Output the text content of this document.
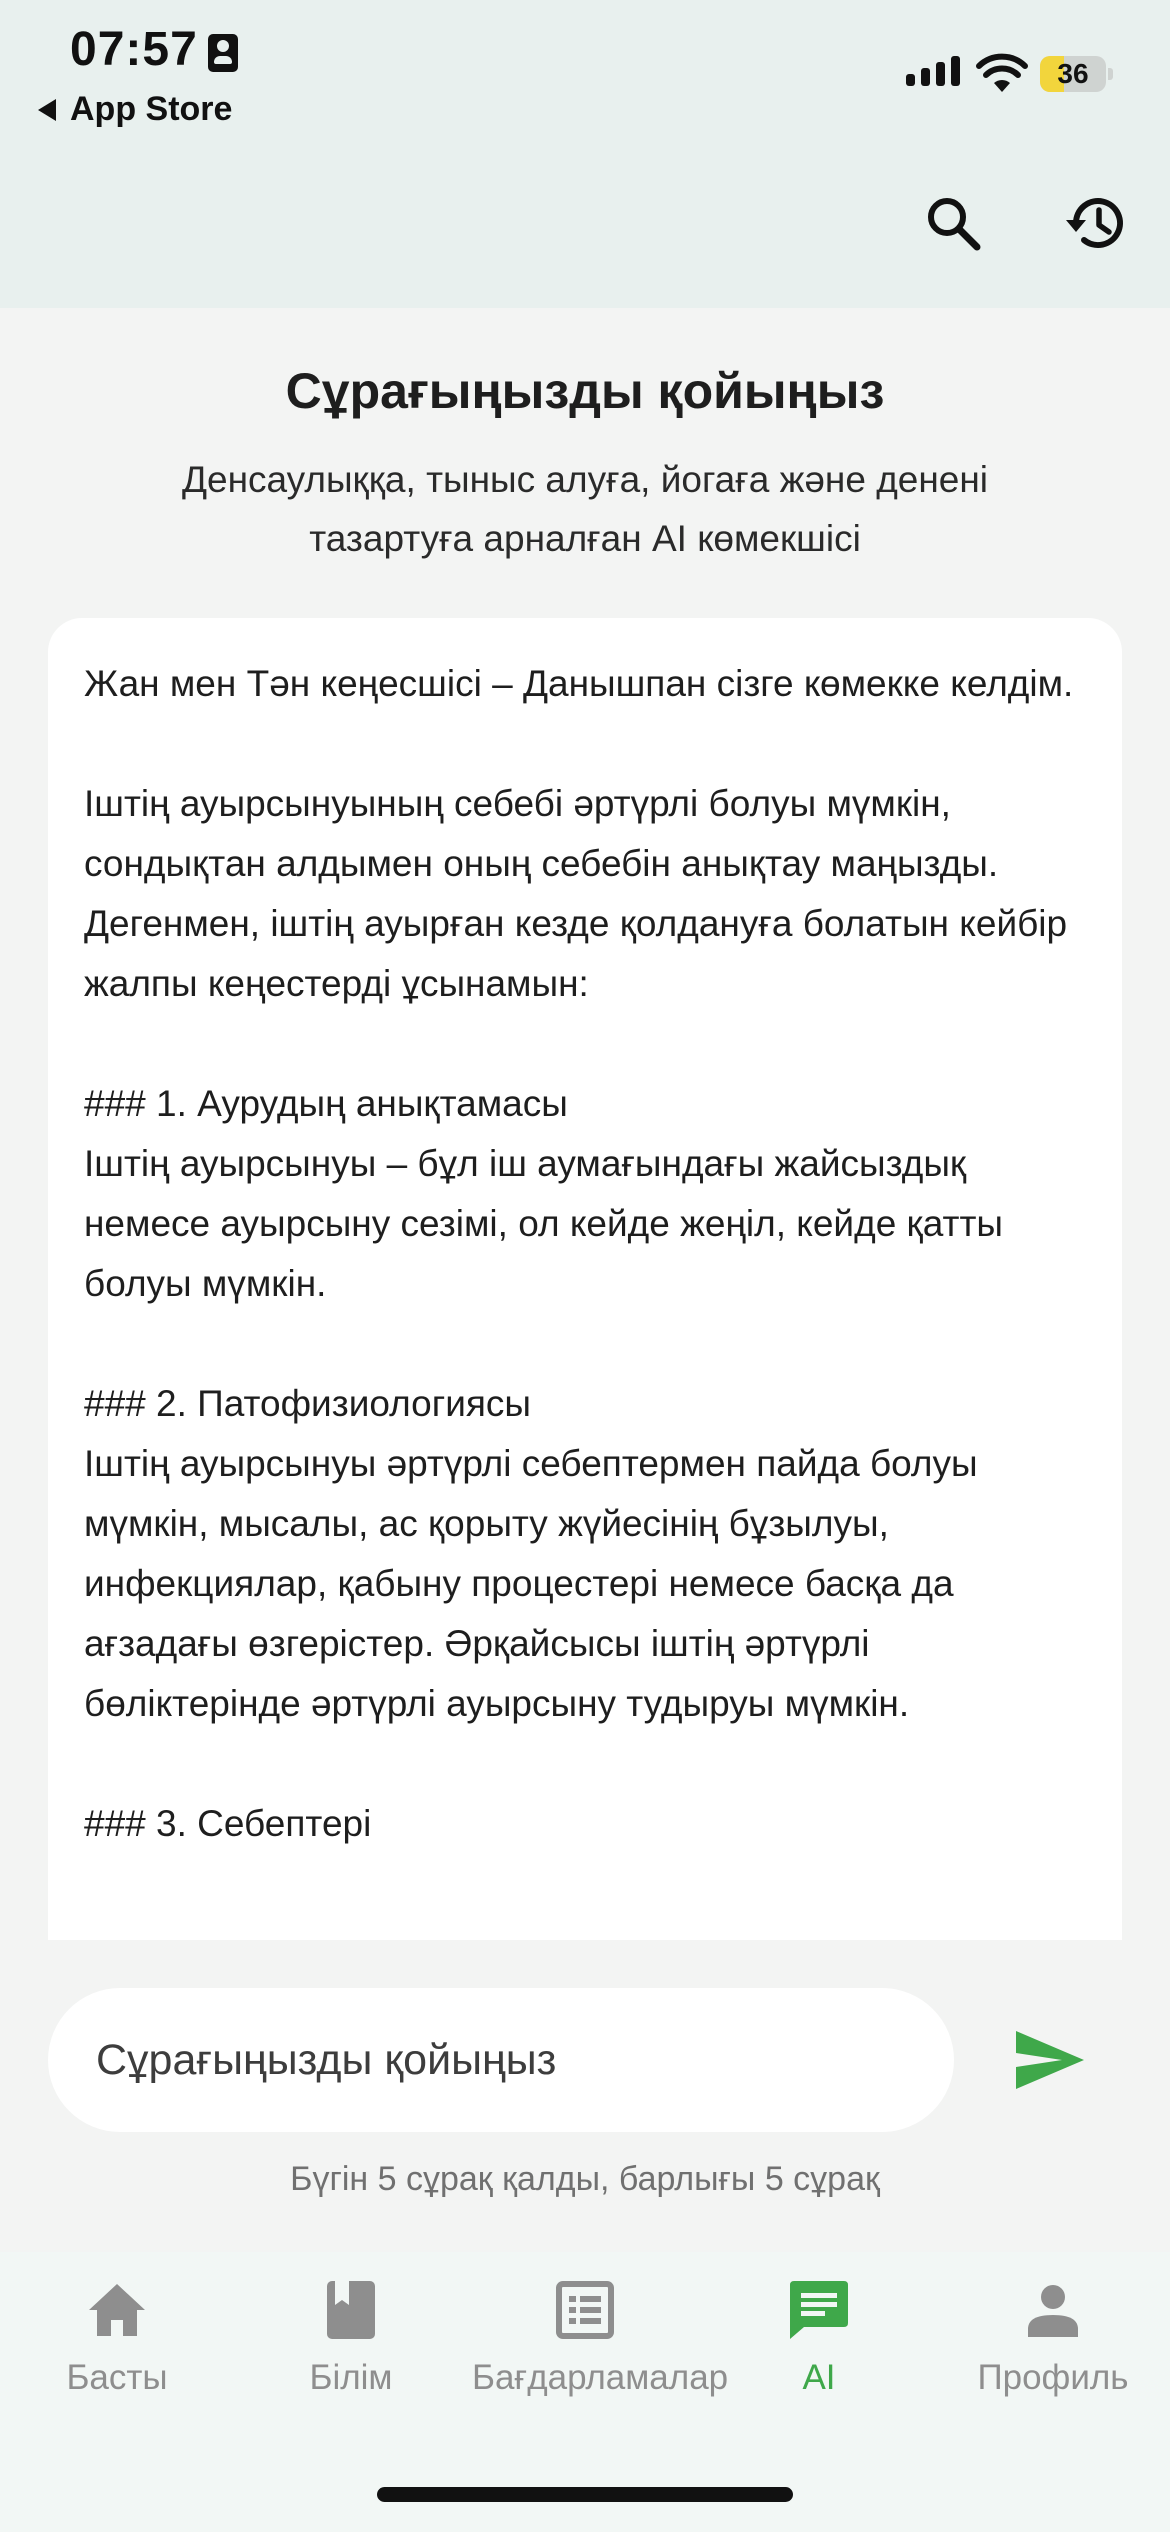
07:57
App Store
36
Сұрағыңызды қойыңыз

Денсаулыққа, тыныс алуға, йогаға және денені тазартуға арналған AI көмекшісі

Жан мен Тән кеңесшісі – Данышпан сізге көмекке келдім.

Іштің ауырсынуының себебі әртүрлі болуы мүмкін, сондықтан алдымен оның себебін анықтау маңызды. Дегенмен, іштің ауырған кезде қолдануға болатын кейбір жалпы кеңестерді ұсынамын:

### 1. Аурудың анықтамасы
Іштің ауырсынуы – бұл іш аумағындағы жайсыздық немесе ауырсыну сезімі, ол кейде жеңіл, кейде қатты болуы мүмкін.

### 2. Патофизиологиясы
Іштің ауырсынуы әртүрлі себептермен пайда болуы мүмкін, мысалы, ас қорыту жүйесінің бұзылуы, инфекциялар, қабыну процестері немесе басқа да ағзадағы өзгерістер. Әрқайсысы іштің әртүрлі бөліктерінде әртүрлі ауырсыну тудыруы мүмкін.

### 3. Себептері
Сұрағыңызды қойыңыз
Бүгін 5 сұрақ қалды, барлығы 5 сұрақ
Басты	Білім Бағдарламалар AI	Профиль
